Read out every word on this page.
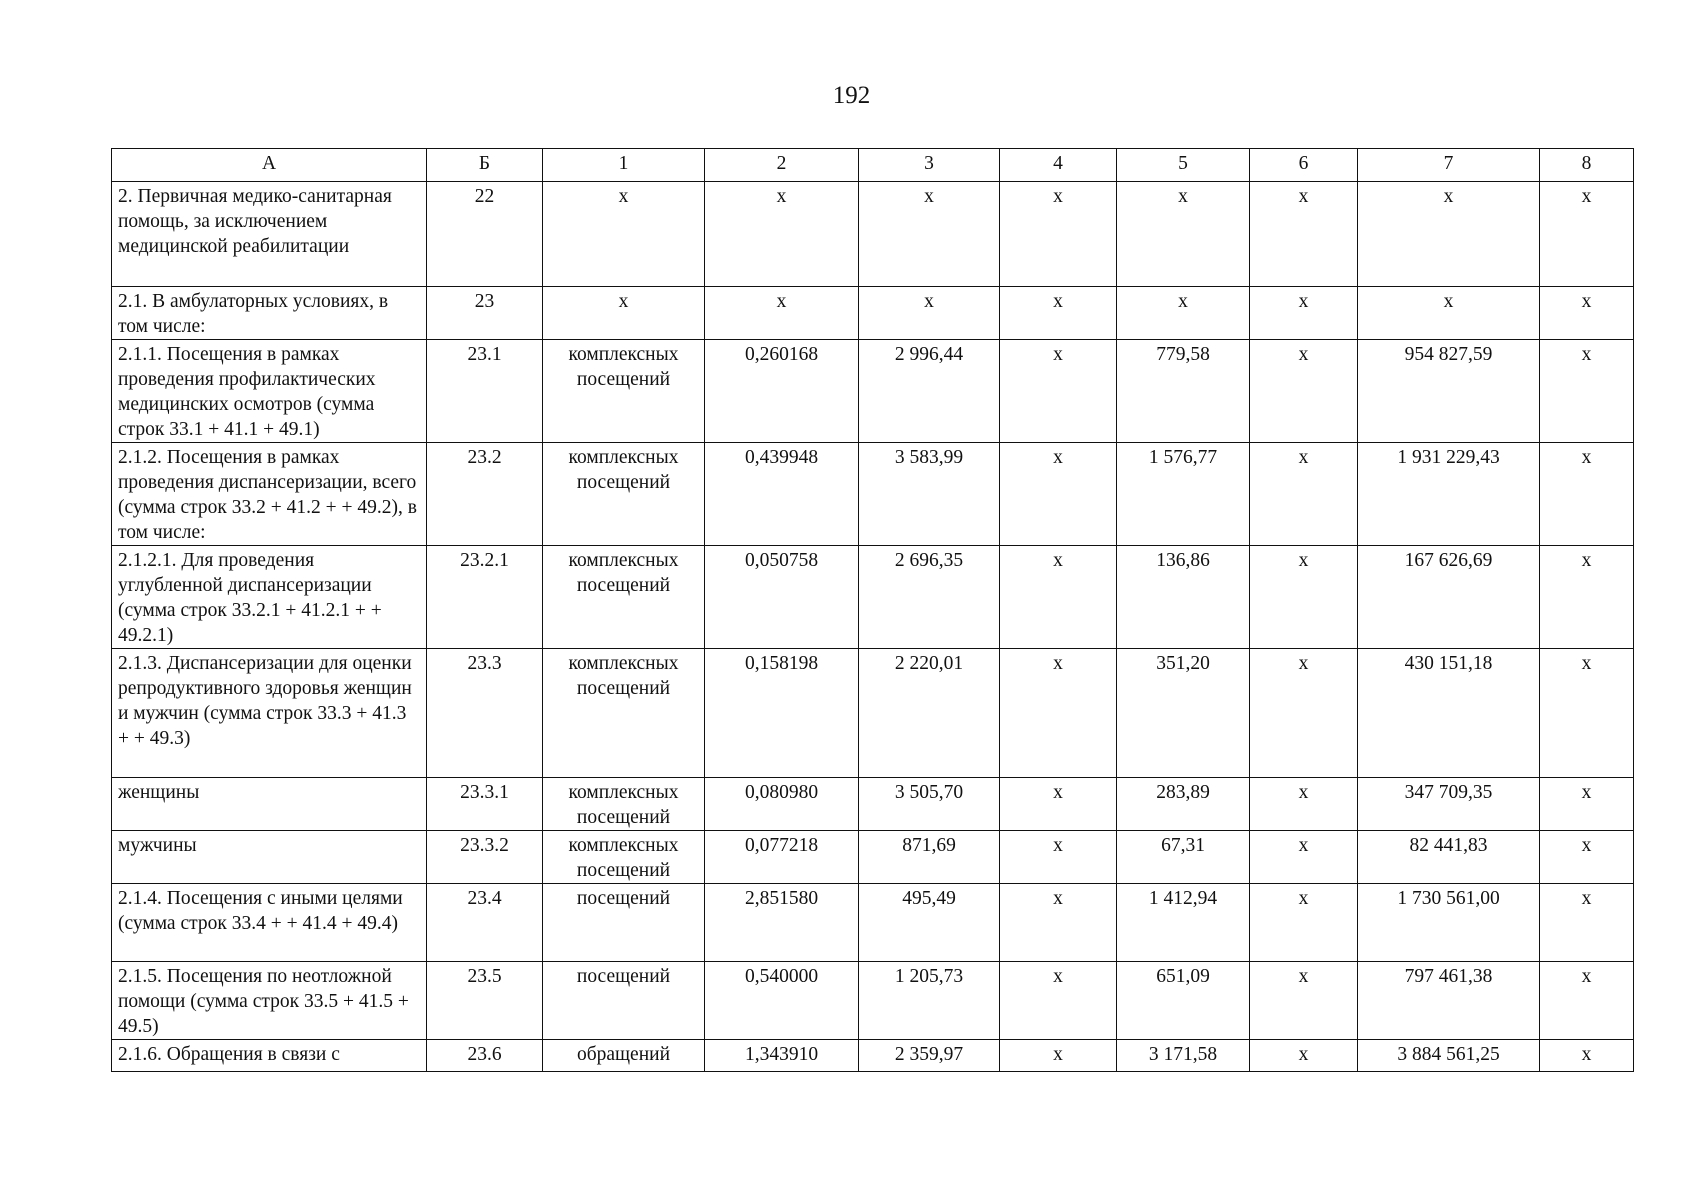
192
А	Б	1	2	3	4	5	6	7	8
2. Первичная медико-санитарная помощь, за исключением медицинской реабилитации	22	х	х	х	х	х	х	х	х
2.1. В амбулаторных условиях, в том числе:	23	х	х	х	х	х	х	х	х
2.1.1. Посещения в рамках проведения профилактических медицинских осмотров (сумма строк 33.1 + 41.1 + 49.1)	23.1	комплексных посещений	0,260168	2 996,44	х	779,58	х	954 827,59	х
2.1.2. Посещения в рамках проведения диспансеризации, всего (сумма строк 33.2 + 41.2 + + 49.2), в том числе:	23.2	комплексных посещений	0,439948	3 583,99	х	1 576,77	х	1 931 229,43	х
2.1.2.1. Для проведения углубленной диспансеризации (сумма строк 33.2.1 + 41.2.1 + + 49.2.1)	23.2.1	комплексных посещений	0,050758	2 696,35	х	136,86	х	167 626,69	х
2.1.3. Диспансеризации для оценки репродуктивного здоровья женщин и мужчин (сумма строк 33.3 + 41.3 + + 49.3)	23.3	комплексных посещений	0,158198	2 220,01	х	351,20	х	430 151,18	х
женщины	23.3.1	комплексных посещений	0,080980	3 505,70	х	283,89	х	347 709,35	х
мужчины	23.3.2	комплексных посещений	0,077218	871,69	х	67,31	х	82 441,83	х
2.1.4. Посещения с иными целями (сумма строк 33.4 + + 41.4 + 49.4)	23.4	посещений	2,851580	495,49	х	1 412,94	х	1 730 561,00	х
2.1.5. Посещения по неотложной помощи (сумма строк 33.5 + 41.5 + 49.5)	23.5	посещений	0,540000	1 205,73	х	651,09	х	797 461,38	х
2.1.6. Обращения в связи с	23.6	обращений	1,343910	2 359,97	х	3 171,58	х	3 884 561,25	х
